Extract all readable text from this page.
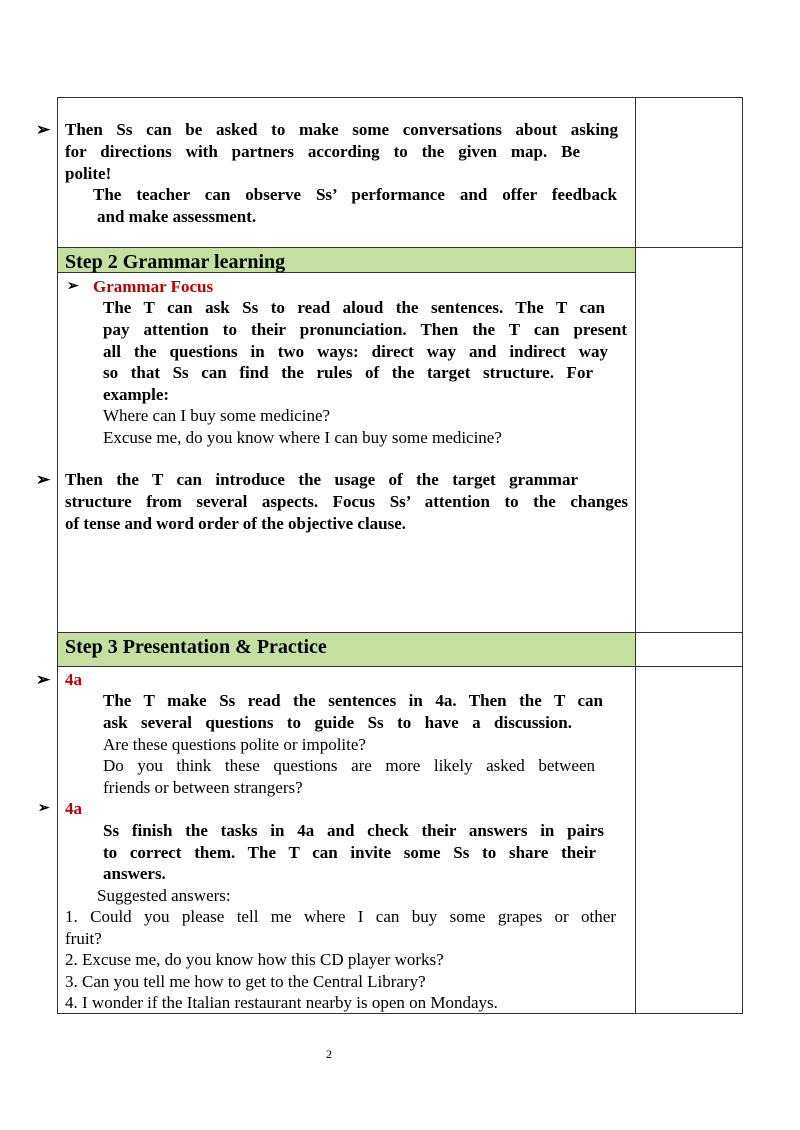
➢ Then Ss can be asked to make some conversations about asking
for directions with partners according to the given map. Be
polite!
The teacher can observe Ss’ performance and offer feedback
and make assessment.
Step 2 Grammar learning
➢ Grammar Focus
The T can ask Ss to read aloud the sentences. The T can
pay attention to their pronunciation. Then the T can present
all the questions in two ways: direct way and indirect way
so that Ss can find the rules of the target structure. For
example:
Where can I buy some medicine?
Excuse me, do you know where I can buy some medicine?
➢ Then the T can introduce the usage of the target grammar
structure from several aspects. Focus Ss’ attention to the changes
of tense and word order of the objective clause.
Step 3 Presentation & Practice
➢ 4a
The T make Ss read the sentences in 4a. Then the T can
ask several questions to guide Ss to have a discussion.
Are these questions polite or impolite?
Do you think these questions are more likely asked between
friends or between strangers?
➢ 4a
Ss finish the tasks in 4a and check their answers in pairs
to correct them. The T can invite some Ss to share their
answers.
Suggested answers:
1. Could you please tell me where I can buy some grapes or other
fruit?
2. Excuse me, do you know how this CD player works?
3. Can you tell me how to get to the Central Library?
4. I wonder if the Italian restaurant nearby is open on Mondays.
2
